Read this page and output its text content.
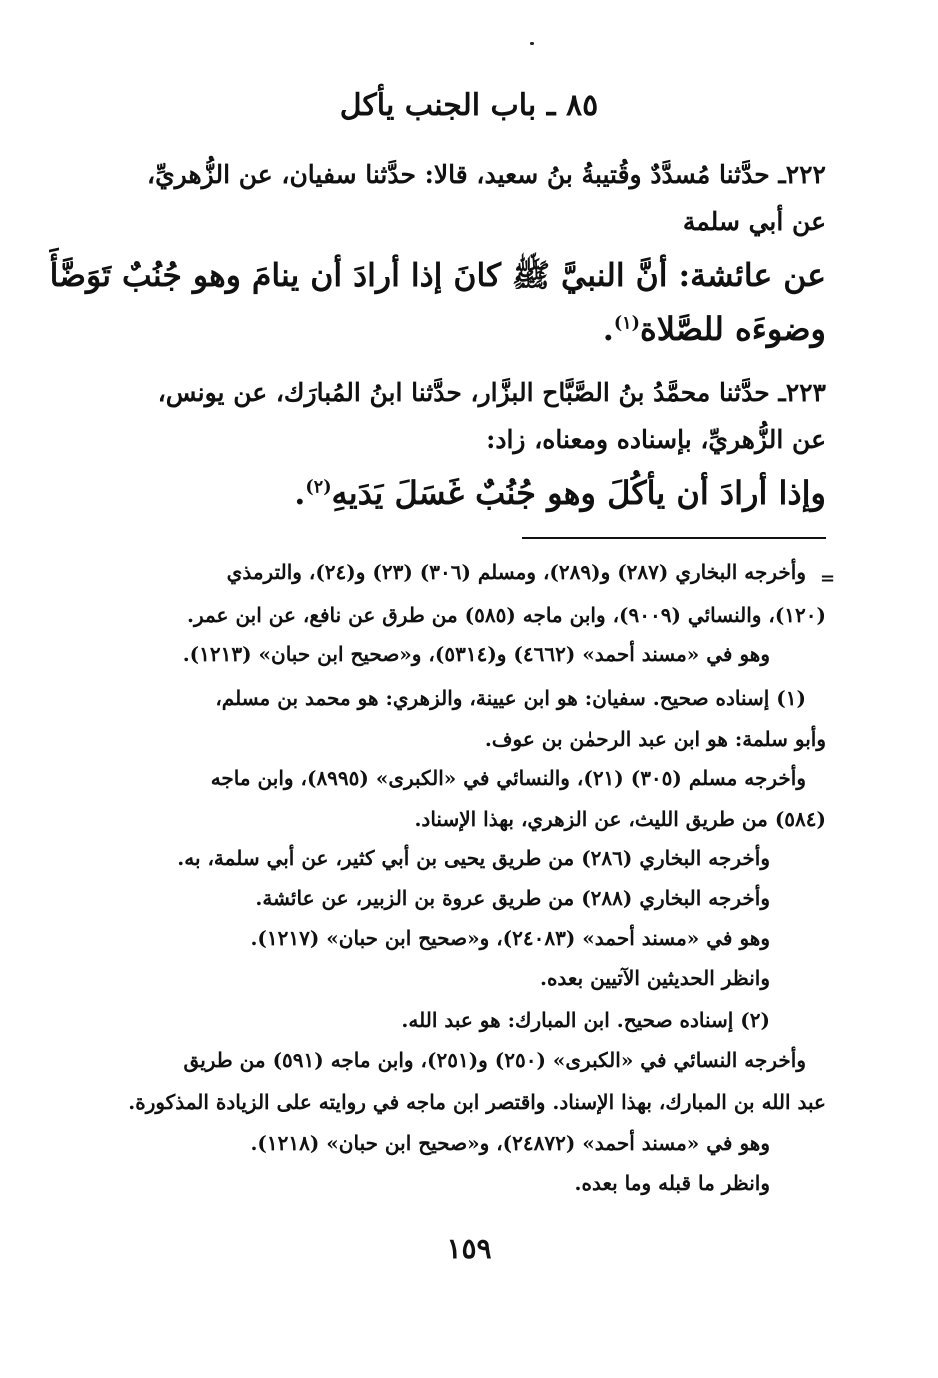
٨٥ ـ باب الجنب يأكل
٢٢٢ـ حدَّثنا مُسدَّدٌ وقُتيبةُ بنُ سعيد، قالا: حدَّثنا سفيان، عن الزُّهريِّ،
عن أبي سلمة
عن عائشة: أنَّ النبيَّ ﷺ كانَ إذا أرادَ أن ينامَ وهو جُنُبٌ تَوَضَّأَ
وضوءَه للصَّلاة$^{(١)}$.
٢٢٣ـ حدَّثنا محمَّدُ بنُ الصَّبَّاح البزَّار، حدَّثنا ابنُ المُبارَك، عن يونس،
عن الزُّهريِّ، بإسناده ومعناه، زاد:
وإذا أرادَ أن يأكُلَ وهو جُنُبٌ غَسَلَ يَدَيهِ$^{(٢)}$.
=
وأخرجه البخاري (٢٨٧) و(٢٨٩)، ومسلم (٣٠٦) (٢٣) و(٢٤)، والترمذي
(١٢٠)، والنسائي (٩٠٠٩)، وابن ماجه (٥٨٥) من طرق عن نافع، عن ابن عمر.
وهو في «مسند أحمد» (٤٦٦٢) و(٥٣١٤)، و«صحيح ابن حبان» (١٢١٣).
(١) إسناده صحيح. سفيان: هو ابن عيينة، والزهري: هو محمد بن مسلم،
وأبو سلمة: هو ابن عبد الرحمٰن بن عوف.
وأخرجه مسلم (٣٠٥) (٢١)، والنسائي في «الكبرى» (٨٩٩٥)، وابن ماجه
(٥٨٤) من طريق الليث، عن الزهري، بهذا الإسناد.
وأخرجه البخاري (٢٨٦) من طريق يحيى بن أبي كثير، عن أبي سلمة، به.
وأخرجه البخاري (٢٨٨) من طريق عروة بن الزبير، عن عائشة.
وهو في «مسند أحمد» (٢٤٠٨٣)، و«صحيح ابن حبان» (١٢١٧).
وانظر الحديثين الآتيين بعده.
(٢) إسناده صحيح. ابن المبارك: هو عبد الله.
وأخرجه النسائي في «الكبرى» (٢٥٠) و(٢٥١)، وابن ماجه (٥٩١) من طريق
عبد الله بن المبارك، بهذا الإسناد. واقتصر ابن ماجه في روايته على الزيادة المذكورة.
وهو في «مسند أحمد» (٢٤٨٧٢)، و«صحيح ابن حبان» (١٢١٨).
وانظر ما قبله وما بعده.
١٥٩
